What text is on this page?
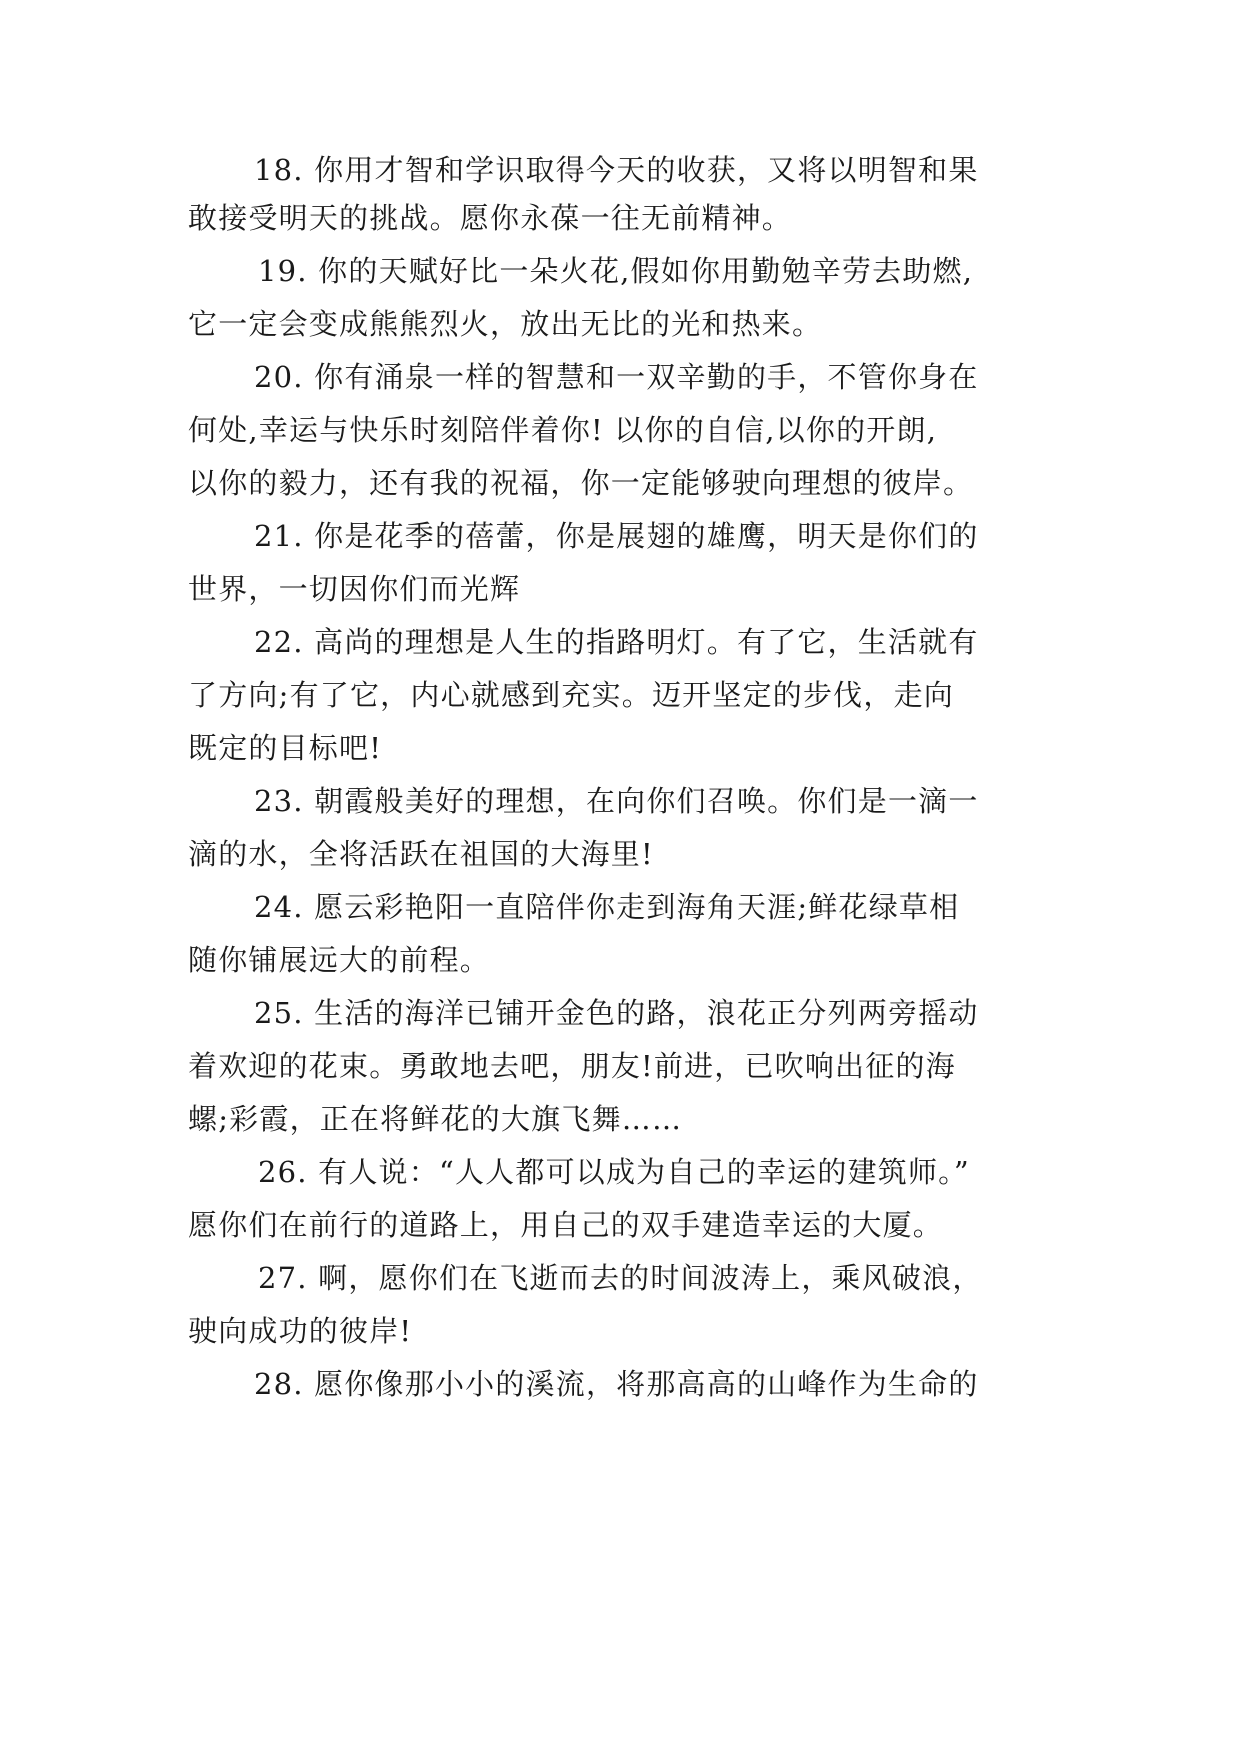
18. 你用才智和学识取得今天的收获，又将以明智和果
敢接受明天的挑战。愿你永葆一往无前精神。
19. 你的天赋好比一朵火花,假如你用勤勉辛劳去助燃,
它一定会变成熊熊烈火，放出无比的光和热来。
20. 你有涌泉一样的智慧和一双辛勤的手，不管你身在
何处,幸运与快乐时刻陪伴着你! 以你的自信,以你的开朗,
以你的毅力，还有我的祝福，你一定能够驶向理想的彼岸。
21. 你是花季的蓓蕾，你是展翅的雄鹰，明天是你们的
世界，一切因你们而光辉
22. 高尚的理想是人生的指路明灯。有了它，生活就有
了方向;有了它，内心就感到充实。迈开坚定的步伐，走向
既定的目标吧!
23. 朝霞般美好的理想，在向你们召唤。你们是一滴一
滴的水，全将活跃在祖国的大海里!
24. 愿云彩艳阳一直陪伴你走到海角天涯;鲜花绿草相
随你铺展远大的前程。
25. 生活的海洋已铺开金色的路，浪花正分列两旁摇动
着欢迎的花束。勇敢地去吧，朋友!前进，已吹响出征的海
螺;彩霞，正在将鲜花的大旗飞舞……
26. 有人说：“人人都可以成为自己的幸运的建筑师。”
愿你们在前行的道路上，用自己的双手建造幸运的大厦。
27. 啊，愿你们在飞逝而去的时间波涛上，乘风破浪，
驶向成功的彼岸!
28. 愿你像那小小的溪流，将那高高的山峰作为生命的
